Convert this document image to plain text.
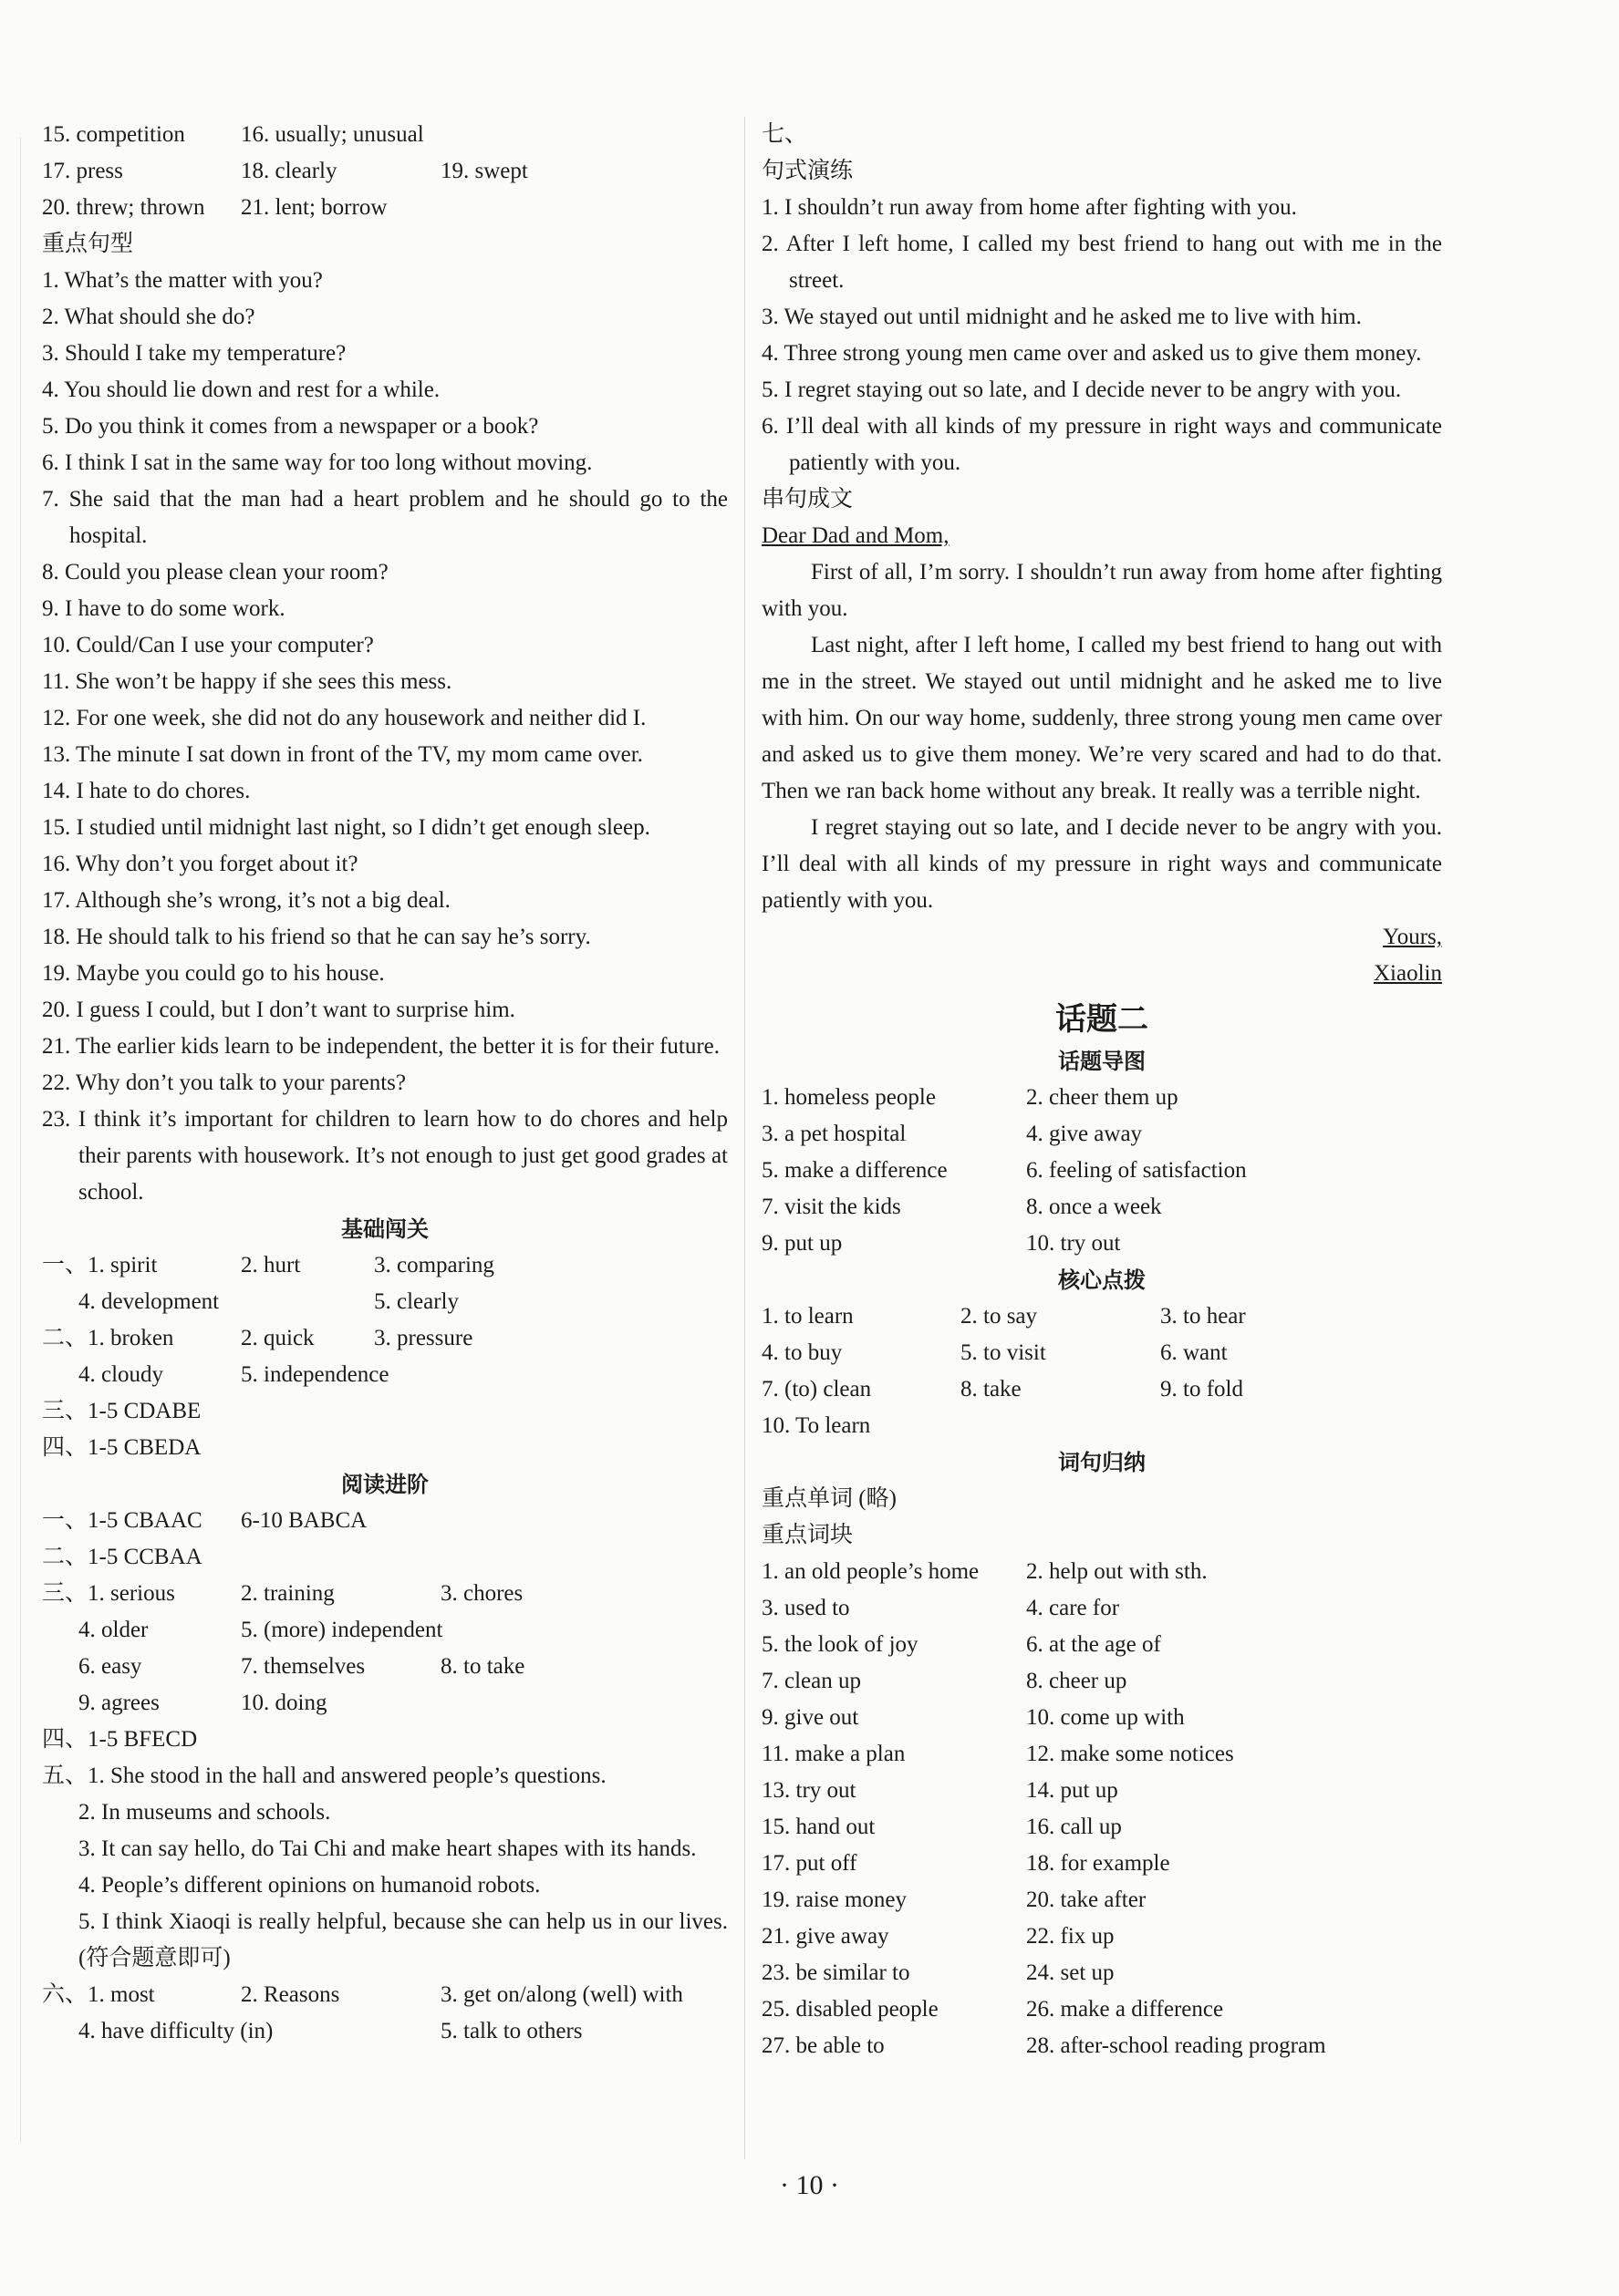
15. competition 16. usually; unusual
17. press	18. clearly	19. swept
20. threw; thrown 21. lent; borrow
重点句型
1. What’s the matter with you?
2. What should she do?
3. Should I take my temperature?
4. You should lie down and rest for a while.
5. Do you think it comes from a newspaper or a book?
6. I think I sat in the same way for too long without moving.
7. She said that the man had a heart problem and he should go to the hospital.
8. Could you please clean your room?
9. I have to do some work.
10. Could/Can I use your computer?
11. She won’t be happy if she sees this mess.
12. For one week, she did not do any housework and neither did I.
13. The minute I sat down in front of the TV, my mom came over.
14. I hate to do chores.
15. I studied until midnight last night, so I didn’t get enough sleep.
16. Why don’t you forget about it?
17. Although she’s wrong, it’s not a big deal.
18. He should talk to his friend so that he can say he’s sorry.
19. Maybe you could go to his house.
20. I guess I could, but I don’t want to surprise him.
21. The earlier kids learn to be independent, the better it is for their future.
22. Why don’t you talk to your parents?
23. I think it’s important for children to learn how to do chores and help their parents with housework. It’s not enough to just get good grades at school.
基础闯关
一、1. spirit	2. hurt	3. comparing
4. development	5. clearly
二、1. broken	2. quick	3. pressure
4. cloudy	5. independence
三、1-5 CDABE
四、1-5 CBEDA
阅读进阶
一、1-5 CBAAC 6-10 BABCA
二、1-5 CCBAA
三、1. serious	2. training	3. chores
4. older	5. (more) independent
6. easy	7. themselves	8. to take
9. agrees	10. doing
四、1-5 BFECD
五、1. She stood in the hall and answered people’s questions.
2. In museums and schools.
3. It can say hello, do Tai Chi and make heart shapes with its hands.
4. People’s different opinions on humanoid robots.
5. I think Xiaoqi is really helpful, because she can help us in our lives. (符合题意即可)
六、1. most	2. Reasons	3. get on/along (well) with
4. have difficulty (in)	5. talk to others
七、
句式演练
1. I shouldn’t run away from home after fighting with you.
2. After I left home, I called my best friend to hang out with me in the street.
3. We stayed out until midnight and he asked me to live with him.
4. Three strong young men came over and asked us to give them money.
5. I regret staying out so late, and I decide never to be angry with you.
6. I’ll deal with all kinds of my pressure in right ways and communicate patiently with you.
串句成文
Dear Dad and Mom,
First of all, I’m sorry. I shouldn’t run away from home after fighting with you.
Last night, after I left home, I called my best friend to hang out with me in the street. We stayed out until midnight and he asked me to live with him. On our way home, suddenly, three strong young men came over and asked us to give them money. We’re very scared and had to do that. Then we ran back home without any break. It really was a terrible night.
I regret staying out so late, and I decide never to be angry with you. I’ll deal with all kinds of my pressure in right ways and communicate patiently with you.
Yours,
Xiaolin
话题二
话题导图
1. homeless people	2. cheer them up
3. a pet hospital	4. give away
5. make a difference	6. feeling of satisfaction
7. visit the kids	8. once a week
9. put up	10. try out
核心点拨
1. to learn	2. to say	3. to hear
4. to buy	5. to visit	6. want
7. (to) clean	8. take	9. to fold
10. To learn
词句归纳
重点单词 (略)
重点词块
1. an old people’s home 2. help out with sth.
3. used to	4. care for
5. the look of joy	6. at the age of
7. clean up	8. cheer up
9. give out	10. come up with
11. make a plan	12. make some notices
13. try out	14. put up
15. hand out	16. call up
17. put off	18. for example
19. raise money	20. take after
21. give away	22. fix up
23. be similar to	24. set up
25. disabled people	26. make a difference
27. be able to	28. after-school reading program
· 10 ·
